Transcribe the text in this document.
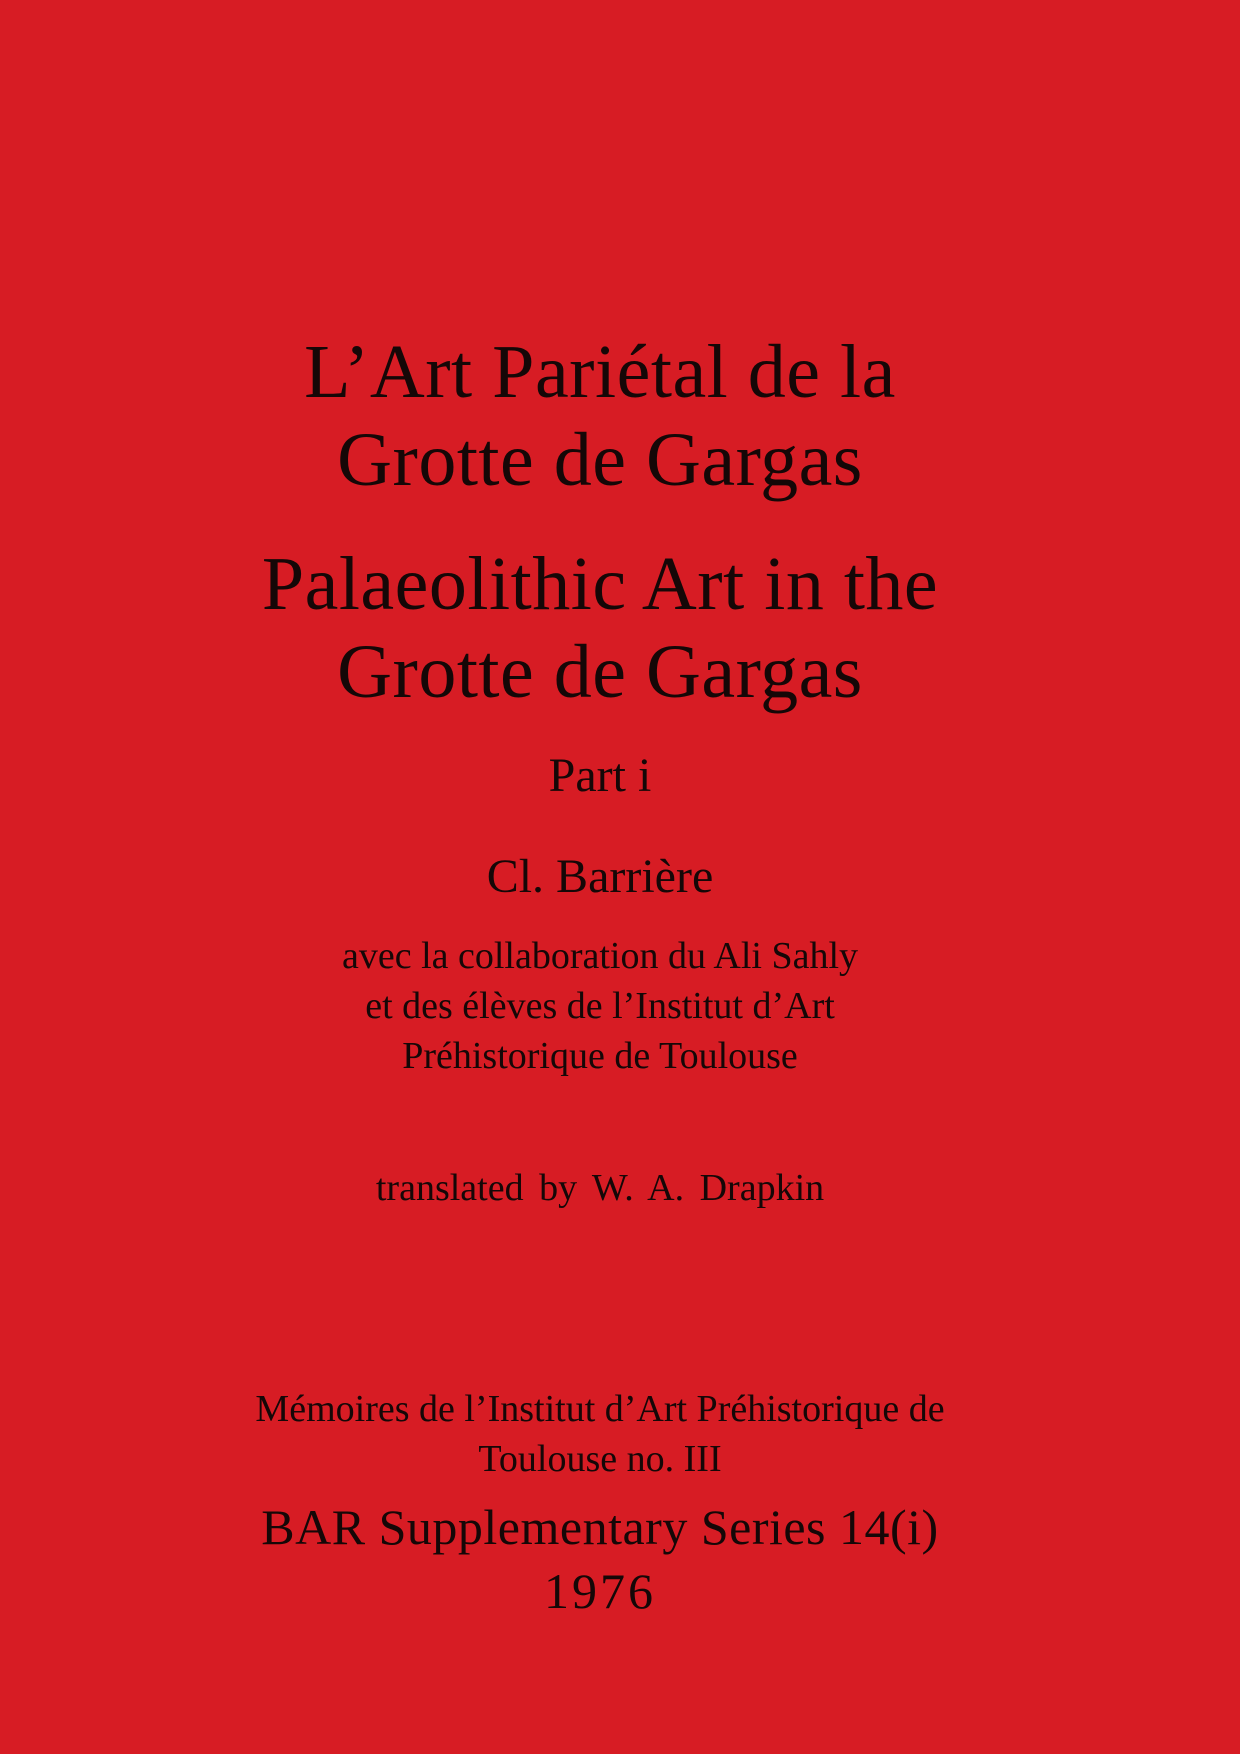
L’Art Pariétal de la
Grotte de Gargas
Palaeolithic Art in the
Grotte de Gargas
Part i
Cl. Barrière
avec la collaboration du Ali Sahly
et des élèves de l’Institut d’Art
Préhistorique de Toulouse
translated by W. A. Drapkin
Mémoires de l’Institut d’Art Préhistorique de
Toulouse no. III
BAR Supplementary Series 14(i)
1976
